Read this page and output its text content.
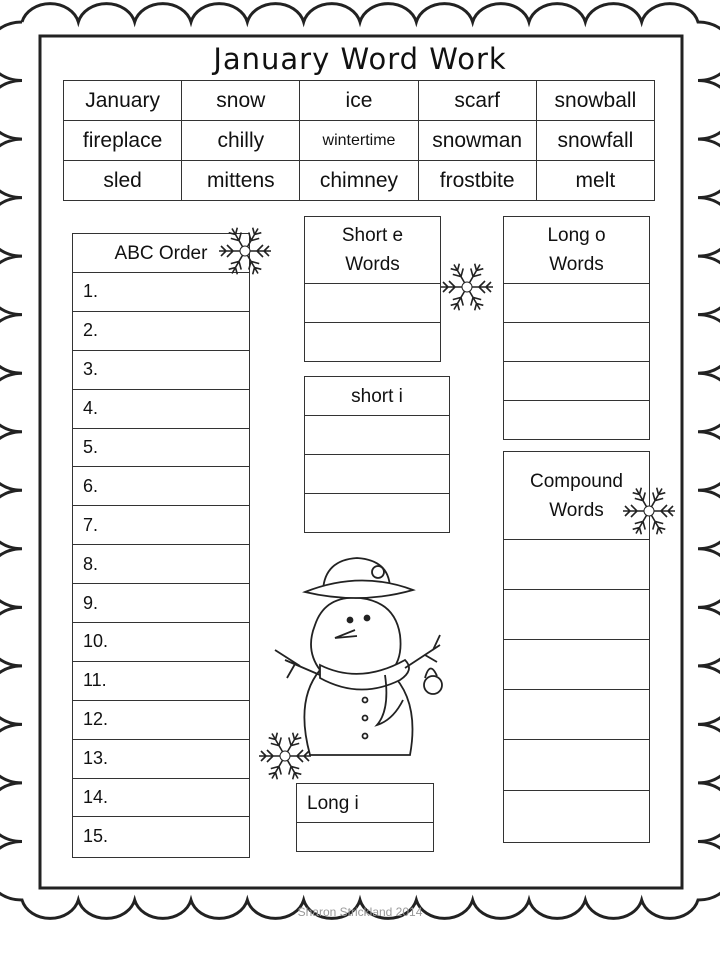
January Word Work
January	snow	ice	scarf	snowball
fireplace	chilly	wintertime	snowman	snowfall
sled	mittens	chimney	frostbite	melt
ABC Order
1.
2.
3.
4.
5.
6.
7.
8.
9.
10.
11.
12.
13.
14.
15.
Short e
Words
short i
Long o
Words
Compound
Words
Long i
Sharon Strickland 2014
